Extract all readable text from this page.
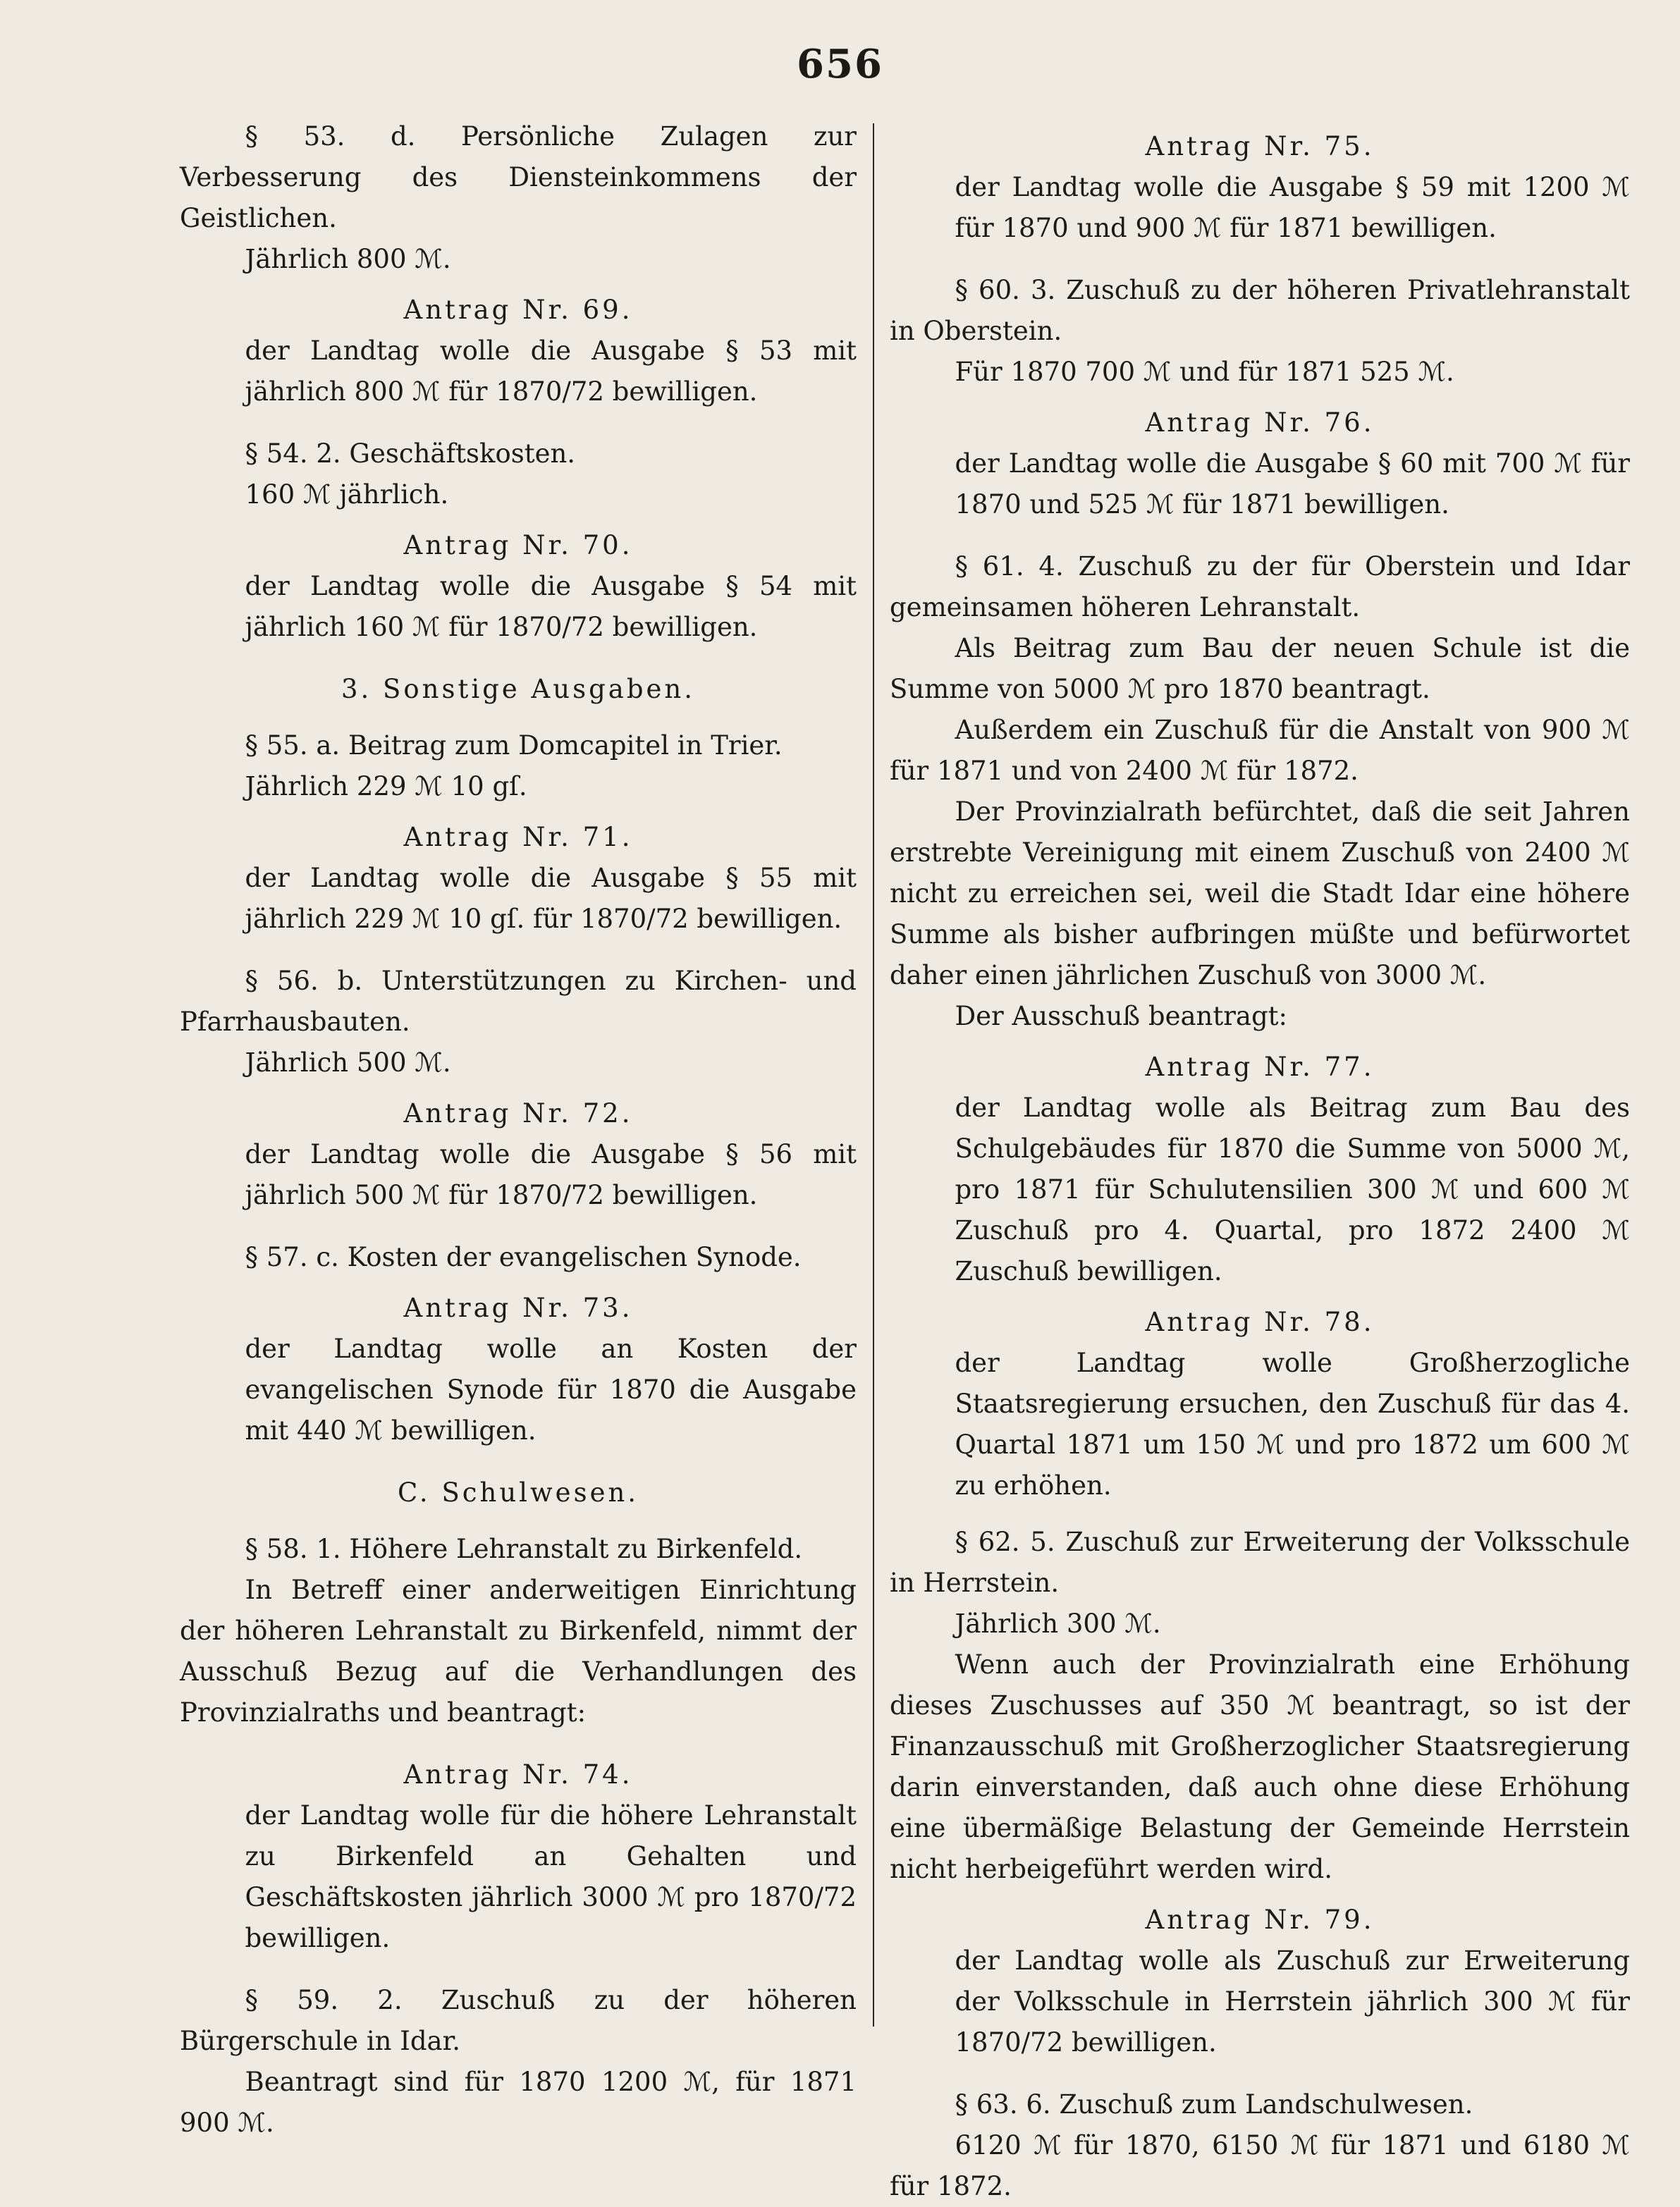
656

§ 53. d. Persönliche Zulagen zur Verbesserung des Diensteinkommens der Geistlichen.

Jährlich 800 ℳ.

Antrag Nr. 69.

der Landtag wolle die Ausgabe § 53 mit jährlich 800 ℳ für 1870/72 bewilligen.

§ 54. 2. Geschäftskosten.

160 ℳ jährlich.

Antrag Nr. 70.

der Landtag wolle die Ausgabe § 54 mit jährlich 160 ℳ für 1870/72 bewilligen.

3. Sonstige Ausgaben.

§ 55. a. Beitrag zum Domcapitel in Trier.

Jährlich 229 ℳ 10 gſ.

Antrag Nr. 71.

der Landtag wolle die Ausgabe § 55 mit jährlich 229 ℳ 10 gſ. für 1870/72 bewilligen.

§ 56. b. Unterstützungen zu Kirchen- und Pfarrhausbauten.

Jährlich 500 ℳ.

Antrag Nr. 72.

der Landtag wolle die Ausgabe § 56 mit jährlich 500 ℳ für 1870/72 bewilligen.

§ 57. c. Kosten der evangelischen Synode.

Antrag Nr. 73.

der Landtag wolle an Kosten der evangelischen Synode für 1870 die Ausgabe mit 440 ℳ bewilligen.

C. Schulwesen.

§ 58. 1. Höhere Lehranstalt zu Birkenfeld.

In Betreff einer anderweitigen Einrichtung der höheren Lehranstalt zu Birkenfeld, nimmt der Ausschuß Bezug auf die Verhandlungen des Provinzialraths und beantragt:

Antrag Nr. 74.

der Landtag wolle für die höhere Lehranstalt zu Birkenfeld an Gehalten und Geschäftskosten jährlich 3000 ℳ pro 1870/72 bewilligen.

§ 59. 2. Zuschuß zu der höheren Bürgerschule in Idar.

Beantragt sind für 1870 1200 ℳ, für 1871 900 ℳ.

Antrag Nr. 75.

der Landtag wolle die Ausgabe § 59 mit 1200 ℳ für 1870 und 900 ℳ für 1871 bewilligen.

§ 60. 3. Zuschuß zu der höheren Privatlehranstalt in Oberstein.

Für 1870 700 ℳ und für 1871 525 ℳ.

Antrag Nr. 76.

der Landtag wolle die Ausgabe § 60 mit 700 ℳ für 1870 und 525 ℳ für 1871 bewilligen.

§ 61. 4. Zuschuß zu der für Oberstein und Idar gemeinsamen höheren Lehranstalt.

Als Beitrag zum Bau der neuen Schule ist die Summe von 5000 ℳ pro 1870 beantragt.

Außerdem ein Zuschuß für die Anstalt von 900 ℳ für 1871 und von 2400 ℳ für 1872.

Der Provinzialrath befürchtet, daß die seit Jahren erstrebte Vereinigung mit einem Zuschuß von 2400 ℳ nicht zu erreichen sei, weil die Stadt Idar eine höhere Summe als bisher aufbringen müßte und befürwortet daher einen jährlichen Zuschuß von 3000 ℳ.

Der Ausschuß beantragt:

Antrag Nr. 77.

der Landtag wolle als Beitrag zum Bau des Schulgebäudes für 1870 die Summe von 5000 ℳ, pro 1871 für Schulutensilien 300 ℳ und 600 ℳ Zuschuß pro 4. Quartal, pro 1872 2400 ℳ Zuschuß bewilligen.

Antrag Nr. 78.

der Landtag wolle Großherzogliche Staatsregierung ersuchen, den Zuschuß für das 4. Quartal 1871 um 150 ℳ und pro 1872 um 600 ℳ zu erhöhen.

§ 62. 5. Zuschuß zur Erweiterung der Volksschule in Herrstein.

Jährlich 300 ℳ.

Wenn auch der Provinzialrath eine Erhöhung dieses Zuschusses auf 350 ℳ beantragt, so ist der Finanzausschuß mit Großherzoglicher Staatsregierung darin einverstanden, daß auch ohne diese Erhöhung eine übermäßige Belastung der Gemeinde Herrstein nicht herbeigeführt werden wird.

Antrag Nr. 79.

der Landtag wolle als Zuschuß zur Erweiterung der Volksschule in Herrstein jährlich 300 ℳ für 1870/72 bewilligen.

§ 63. 6. Zuschuß zum Landschulwesen.

6120 ℳ für 1870, 6150 ℳ für 1871 und 6180 ℳ für 1872.
